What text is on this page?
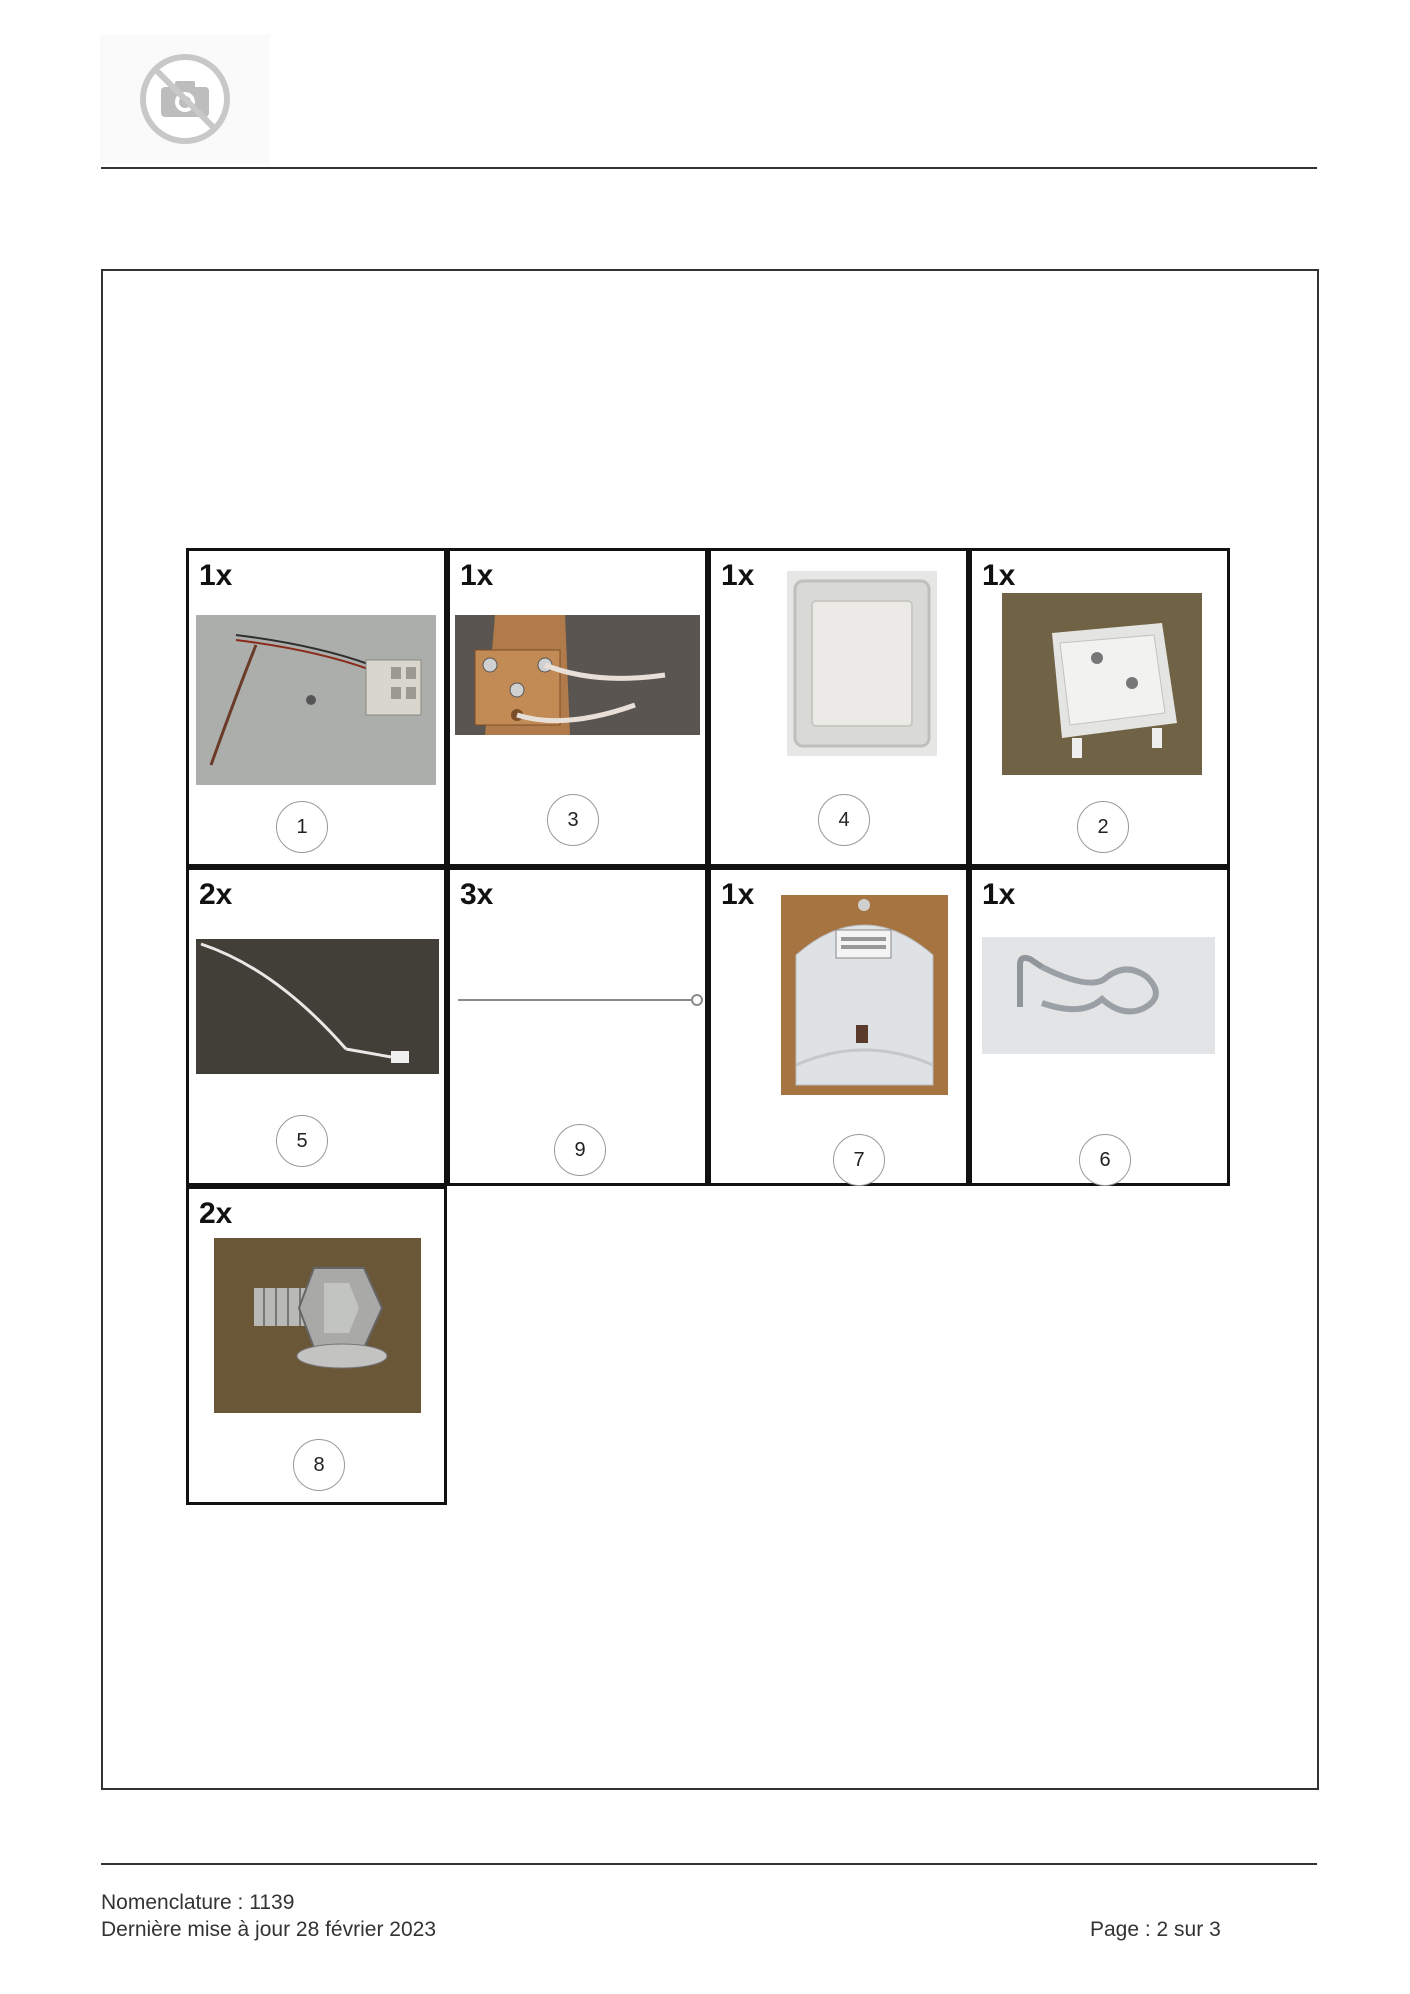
1x
1
1x
3
1x
4
1x
2
2x
5
3x
9
1x
7
1x
6
2x
8
Nomenclature : 1139
Dernière mise à jour 28 février 2023	Page : 2 sur 3
